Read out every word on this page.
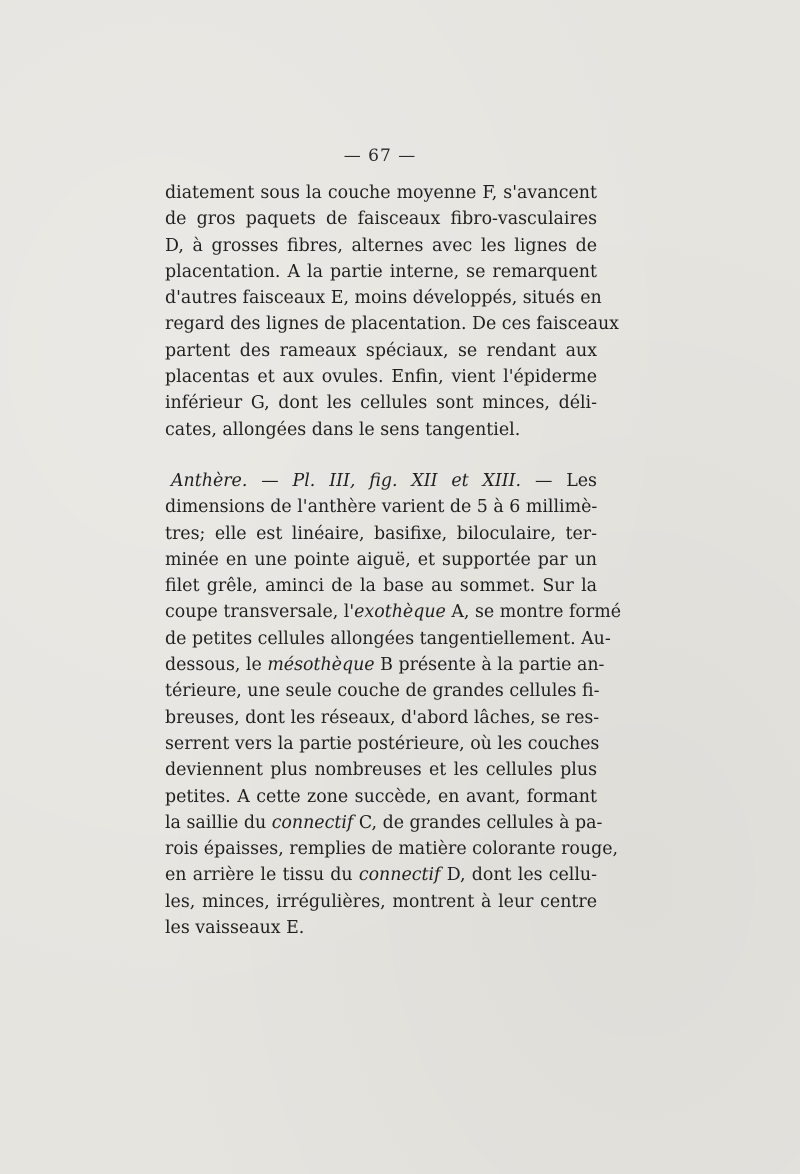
— 67 —
diatement sous la couche moyenne F, s'avancent
de gros paquets de faisceaux fibro-vasculaires
D, à grosses fibres, alternes avec les lignes de
placentation. A la partie interne, se remarquent
d'autres faisceaux E, moins développés, situés en
regard des lignes de placentation. De ces faisceaux
partent des rameaux spéciaux, se rendant aux
placentas et aux ovules. Enfin, vient l'épiderme
inférieur G, dont les cellules sont minces, déli-
cates, allongées dans le sens tangentiel.
Anthère. — Pl. III, fig. XII et XIII. — Les
dimensions de l'anthère varient de 5 à 6 millimè-
tres; elle est linéaire, basifixe, biloculaire, ter-
minée en une pointe aiguë, et supportée par un
filet grêle, aminci de la base au sommet. Sur la
coupe transversale, l'exothèque A, se montre formé
de petites cellules allongées tangentiellement. Au-
dessous, le mésothèque B présente à la partie an-
térieure, une seule couche de grandes cellules fi-
breuses, dont les réseaux, d'abord lâches, se res-
serrent vers la partie postérieure, où les couches
deviennent plus nombreuses et les cellules plus
petites. A cette zone succède, en avant, formant
la saillie du connectif C, de grandes cellules à pa-
rois épaisses, remplies de matière colorante rouge,
en arrière le tissu du connectif D, dont les cellu-
les, minces, irrégulières, montrent à leur centre
les vaisseaux E.
